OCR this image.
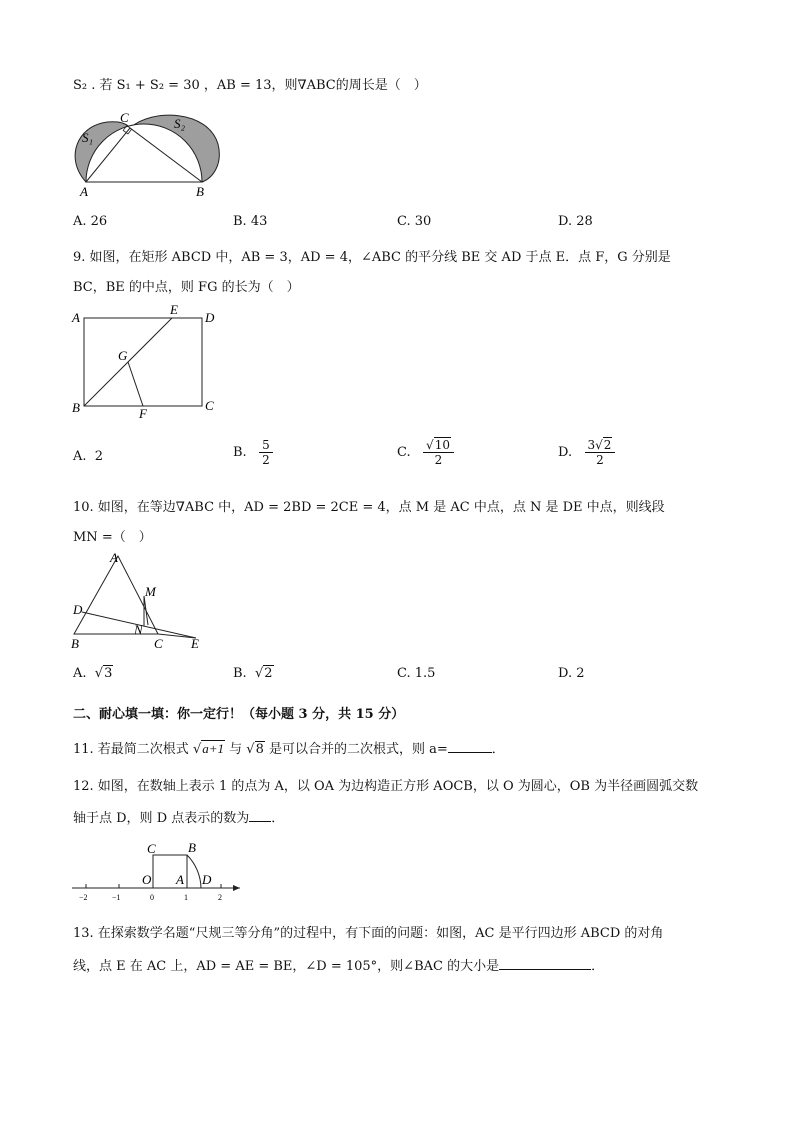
S₂ . 若 S₁ + S₂ = 30 ，AB = 13，则∇ABC的周长是（　）
C
S₁
S₂
A	B
A. 26	B. 43	C. 30	D. 28
9. 如图，在矩形 ABCD 中，AB = 3，AD = 4，∠ABC 的平分线 BE 交 AD 于点 E．点 F，G 分别是
BC，BE 的中点，则 FG 的长为（　）
A
E
D
G
B	F
C
A. 2	B. $\frac{5}{2}$	C. $\frac{√10}{2}$	D. $\frac{3√2}{2}$
10. 如图，在等边∇ABC 中，AD = 2BD = 2CE = 4，点 M 是 AC 中点，点 N 是 DE 中点，则线段
MN =（　）
A
M
D
N
B	C E
A.  √3	B.  √2	C. 1.5	D. 2
二、耐心填一填：你一定行！（每小题 3 分，共 15 分）
11. 若最简二次根式 √a+1 与 √8 是可以合并的二次根式，则 a=	．
12. 如图，在数轴上表示 1 的点为 A，以 OA 为边构造正方形 AOCB，以 O 为圆心，OB 为半径画圆弧交数
轴于点 D，则 D 点表示的数为 ．
C B
O A D
−2	−1	0	1	2
13. 在探索数学名题“尺规三等分角”的过程中，有下面的问题：如图，AC 是平行四边形 ABCD 的对角
线，点 E 在 AC 上，AD = AE = BE，∠D = 105°，则∠BAC 的大小是	．
